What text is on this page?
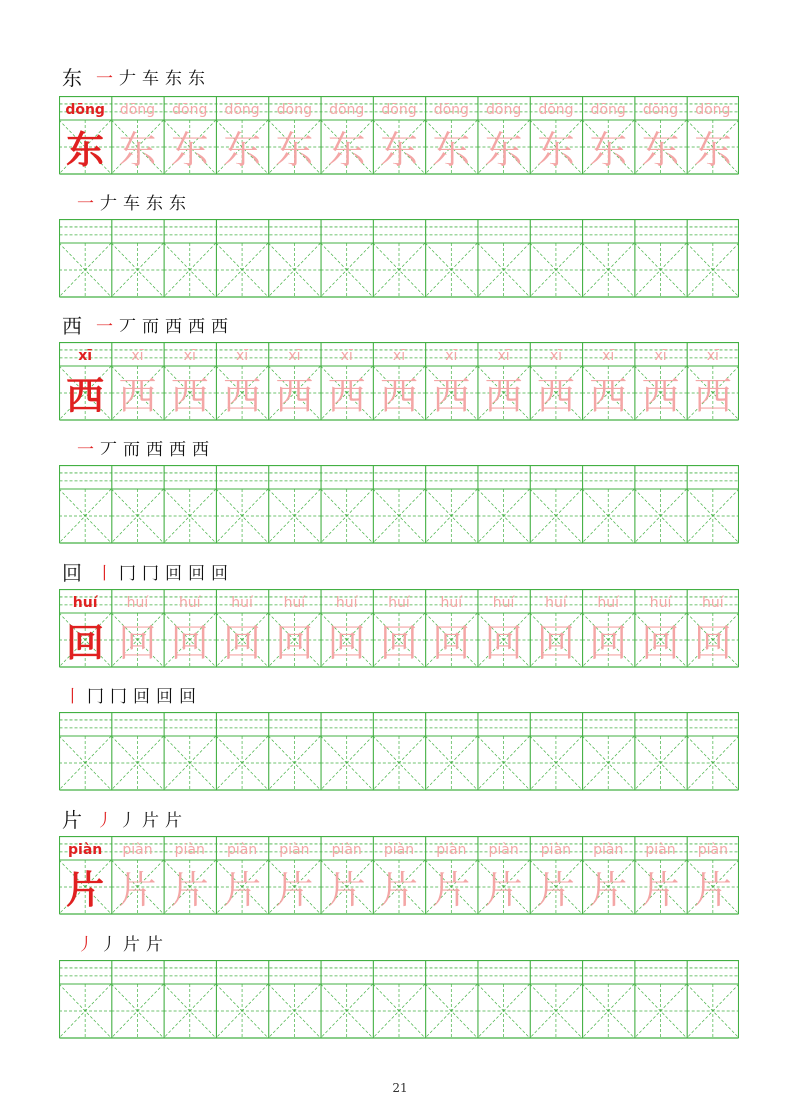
东 一 𠂇 车 东 东
dōng
东
dōng
东
dōng
东
dōng
东
dōng
东
dōng
东
dōng
东
dōng
东
dōng
东
dōng
东
dōng
东
dōng
东
dōng
东
一 𠂇 车 东 东
西 一 丆 而 西 西 西
xī
西
xī
西
xī
西
xī
西
xī
西
xī
西
xī
西
xī
西
xī
西
xī
西
xī
西
xī
西
xī
西
一 丆 而 西 西 西
回 丨 冂 冂 回 回 回
huí
回
huí
回
huí
回
huí
回
huí
回
huí
回
huí
回
huí
回
huí
回
huí
回
huí
回
huí
回
huí
回
丨 冂 冂 回 回 回
片 丿 丿 片 片
piàn
片
piàn
片
piàn
片
piàn
片
piàn
片
piàn
片
piàn
片
piàn
片
piàn
片
piàn
片
piàn
片
piàn
片
piàn
片
丿 丿 片 片
21
